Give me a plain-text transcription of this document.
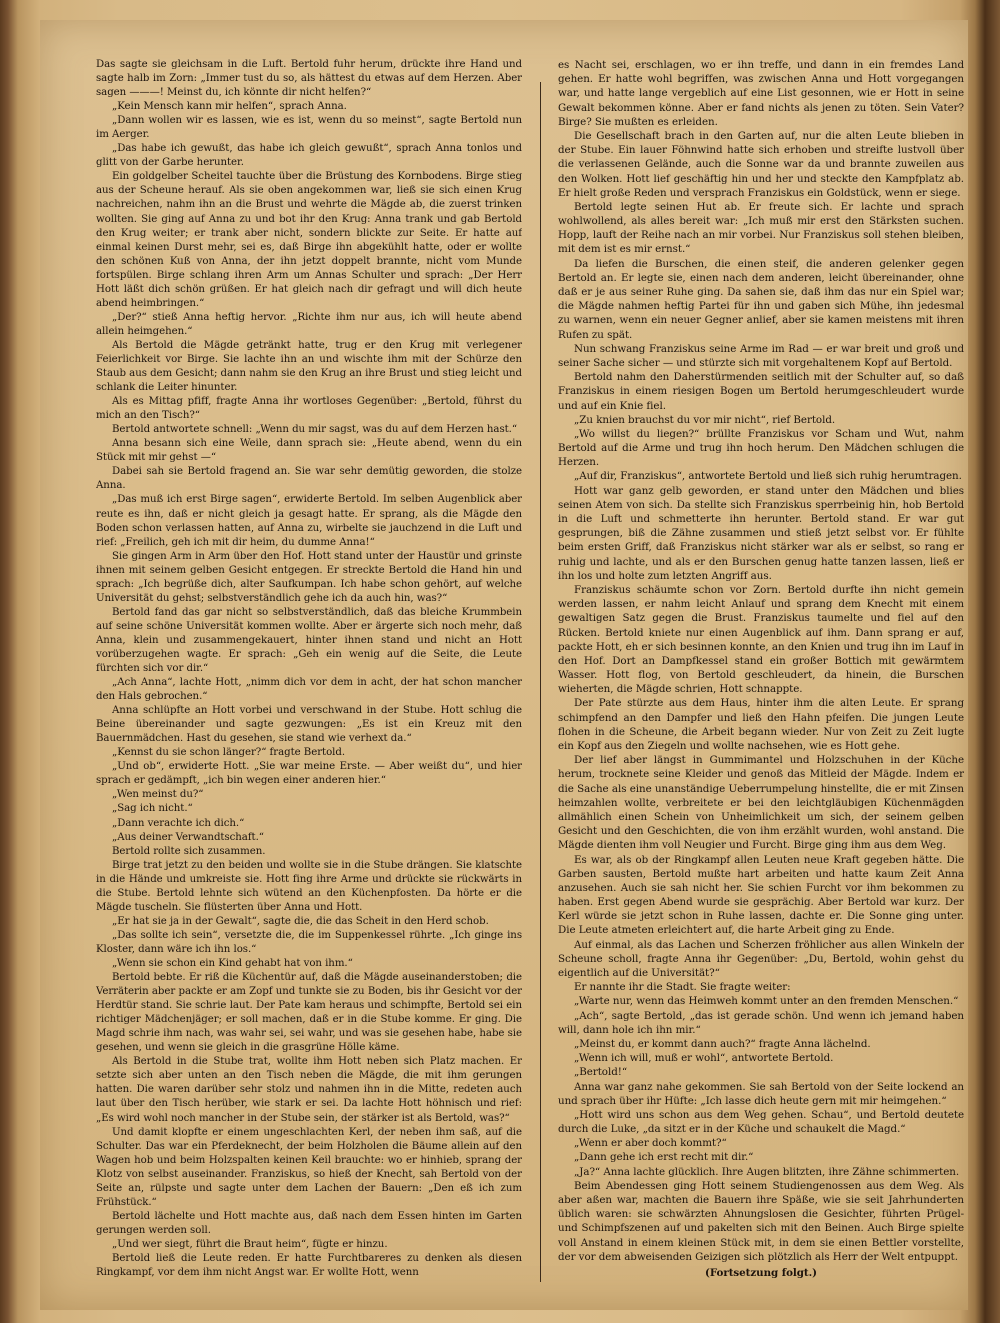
Das sagte sie gleichsam in die Luft. Bertold fuhr herum, drückte ihre Hand und sagte halb im Zorn: „Immer tust du so, als hättest du etwas auf dem Herzen. Aber sagen ———! Meinst du, ich könnte dir nicht helfen?“

„Kein Mensch kann mir helfen“, sprach Anna.

„Dann wollen wir es lassen, wie es ist, wenn du so meinst“, sagte Bertold nun im Aerger.

„Das habe ich gewußt, das habe ich gleich gewußt“, sprach Anna tonlos und glitt von der Garbe herunter.

Ein goldgelber Scheitel tauchte über die Brüstung des Kornbodens. Birge stieg aus der Scheune herauf. Als sie oben angekommen war, ließ sie sich einen Krug nachreichen, nahm ihn an die Brust und wehrte die Mägde ab, die zuerst trinken wollten. Sie ging auf Anna zu und bot ihr den Krug: Anna trank und gab Bertold den Krug weiter; er trank aber nicht, sondern blickte zur Seite. Er hatte auf einmal keinen Durst mehr, sei es, daß Birge ihn abgekühlt hatte, oder er wollte den schönen Kuß von Anna, der ihn jetzt doppelt brannte, nicht vom Munde fortspülen. Birge schlang ihren Arm um Annas Schulter und sprach: „Der Herr Hott läßt dich schön grüßen. Er hat gleich nach dir gefragt und will dich heute abend heimbringen.“

„Der?“ stieß Anna heftig hervor. „Richte ihm nur aus, ich will heute abend allein heimgehen.“

Als Bertold die Mägde getränkt hatte, trug er den Krug mit verlegener Feierlichkeit vor Birge. Sie lachte ihn an und wischte ihm mit der Schürze den Staub aus dem Gesicht; dann nahm sie den Krug an ihre Brust und stieg leicht und schlank die Leiter hinunter.

Als es Mittag pfiff, fragte Anna ihr wortloses Gegenüber: „Bertold, führst du mich an den Tisch?“

Bertold antwortete schnell: „Wenn du mir sagst, was du auf dem Herzen hast.“

Anna besann sich eine Weile, dann sprach sie: „Heute abend, wenn du ein Stück mit mir gehst —“

Dabei sah sie Bertold fragend an. Sie war sehr demütig geworden, die stolze Anna.

„Das muß ich erst Birge sagen“, erwiderte Bertold. Im selben Augenblick aber reute es ihn, daß er nicht gleich ja gesagt hatte. Er sprang, als die Mägde den Boden schon verlassen hatten, auf Anna zu, wirbelte sie jauchzend in die Luft und rief: „Freilich, geh ich mit dir heim, du dumme Anna!“

Sie gingen Arm in Arm über den Hof. Hott stand unter der Haustür und grinste ihnen mit seinem gelben Gesicht entgegen. Er streckte Bertold die Hand hin und sprach: „Ich begrüße dich, alter Saufkumpan. Ich habe schon gehört, auf welche Universität du gehst; selbstverständlich gehe ich da auch hin, was?“

Bertold fand das gar nicht so selbstverständlich, daß das bleiche Krummbein auf seine schöne Universität kommen wollte. Aber er ärgerte sich noch mehr, daß Anna, klein und zusammengekauert, hinter ihnen stand und nicht an Hott vorüberzugehen wagte. Er sprach: „Geh ein wenig auf die Seite, die Leute fürchten sich vor dir.“

„Ach Anna“, lachte Hott, „nimm dich vor dem in acht, der hat schon mancher den Hals gebrochen.“

Anna schlüpfte an Hott vorbei und verschwand in der Stube. Hott schlug die Beine übereinander und sagte gezwungen: „Es ist ein Kreuz mit den Bauernmädchen. Hast du gesehen, sie stand wie verhext da.“

„Kennst du sie schon länger?“ fragte Bertold.

„Und ob“, erwiderte Hott. „Sie war meine Erste. — Aber weißt du“, und hier sprach er gedämpft, „ich bin wegen einer anderen hier.“

„Wen meinst du?“

„Sag ich nicht.“

„Dann verachte ich dich.“

„Aus deiner Verwandtschaft.“

Bertold rollte sich zusammen.

Birge trat jetzt zu den beiden und wollte sie in die Stube drängen. Sie klatschte in die Hände und umkreiste sie. Hott fing ihre Arme und drückte sie rückwärts in die Stube. Bertold lehnte sich wütend an den Küchenpfosten. Da hörte er die Mägde tuscheln. Sie flüsterten über Anna und Hott.

„Er hat sie ja in der Gewalt“, sagte die, die das Scheit in den Herd schob.

„Das sollte ich sein“, versetzte die, die im Suppenkessel rührte. „Ich ginge ins Kloster, dann wäre ich ihn los.“

„Wenn sie schon ein Kind gehabt hat von ihm.“

Bertold bebte. Er riß die Küchentür auf, daß die Mägde auseinanderstoben; die Verräterin aber packte er am Zopf und tunkte sie zu Boden, bis ihr Gesicht vor der Herdtür stand. Sie schrie laut. Der Pate kam heraus und schimpfte, Bertold sei ein richtiger Mädchenjäger; er soll machen, daß er in die Stube komme. Er ging. Die Magd schrie ihm nach, was wahr sei, sei wahr, und was sie gesehen habe, habe sie gesehen, und wenn sie gleich in die grasgrüne Hölle käme.

Als Bertold in die Stube trat, wollte ihm Hott neben sich Platz machen. Er setzte sich aber unten an den Tisch neben die Mägde, die mit ihm gerungen hatten. Die waren darüber sehr stolz und nahmen ihn in die Mitte, redeten auch laut über den Tisch herüber, wie stark er sei. Da lachte Hott höhnisch und rief: „Es wird wohl noch mancher in der Stube sein, der stärker ist als Bertold, was?“

Und damit klopfte er einem ungeschlachten Kerl, der neben ihm saß, auf die Schulter. Das war ein Pferdeknecht, der beim Holzholen die Bäume allein auf den Wagen hob und beim Holzspalten keinen Keil brauchte: wo er hinhieb, sprang der Klotz von selbst auseinander. Franziskus, so hieß der Knecht, sah Bertold von der Seite an, rülpste und sagte unter dem Lachen der Bauern: „Den eß ich zum Frühstück.“

Bertold lächelte und Hott machte aus, daß nach dem Essen hinten im Garten gerungen werden soll.

„Und wer siegt, führt die Braut heim“, fügte er hinzu.

Bertold ließ die Leute reden. Er hatte Furchtbareres zu denken als diesen Ringkampf, vor dem ihm nicht Angst war. Er wollte Hott, wenn

es Nacht sei, erschlagen, wo er ihn treffe, und dann in ein fremdes Land gehen. Er hatte wohl begriffen, was zwischen Anna und Hott vorgegangen war, und hatte lange vergeblich auf eine List gesonnen, wie er Hott in seine Gewalt bekommen könne. Aber er fand nichts als jenen zu töten. Sein Vater? Birge? Sie mußten es erleiden.

Die Gesellschaft brach in den Garten auf, nur die alten Leute blieben in der Stube. Ein lauer Föhnwind hatte sich erhoben und streifte lustvoll über die verlassenen Gelände, auch die Sonne war da und brannte zuweilen aus den Wolken. Hott lief geschäftig hin und her und steckte den Kampfplatz ab. Er hielt große Reden und versprach Franziskus ein Goldstück, wenn er siege.

Bertold legte seinen Hut ab. Er freute sich. Er lachte und sprach wohlwollend, als alles bereit war: „Ich muß mir erst den Stärksten suchen. Hopp, lauft der Reihe nach an mir vorbei. Nur Franziskus soll stehen bleiben, mit dem ist es mir ernst.“

Da liefen die Burschen, die einen steif, die anderen gelenker gegen Bertold an. Er legte sie, einen nach dem anderen, leicht übereinander, ohne daß er je aus seiner Ruhe ging. Da sahen sie, daß ihm das nur ein Spiel war; die Mägde nahmen heftig Partei für ihn und gaben sich Mühe, ihn jedesmal zu warnen, wenn ein neuer Gegner anlief, aber sie kamen meistens mit ihren Rufen zu spät.

Nun schwang Franziskus seine Arme im Rad — er war breit und groß und seiner Sache sicher — und stürzte sich mit vorgehaltenem Kopf auf Bertold.

Bertold nahm den Daherstürmenden seitlich mit der Schulter auf, so daß Franziskus in einem riesigen Bogen um Bertold herumgeschleudert wurde und auf ein Knie fiel.

„Zu knien brauchst du vor mir nicht“, rief Bertold.

„Wo willst du liegen?“ brüllte Franziskus vor Scham und Wut, nahm Bertold auf die Arme und trug ihn hoch herum. Den Mädchen schlugen die Herzen.

„Auf dir, Franziskus“, antwortete Bertold und ließ sich ruhig herumtragen.

Hott war ganz gelb geworden, er stand unter den Mädchen und blies seinen Atem von sich. Da stellte sich Franziskus sperrbeinig hin, hob Bertold in die Luft und schmetterte ihn herunter. Bertold stand. Er war gut gesprungen, biß die Zähne zusammen und stieß jetzt selbst vor. Er fühlte beim ersten Griff, daß Franziskus nicht stärker war als er selbst, so rang er ruhig und lachte, und als er den Burschen genug hatte tanzen lassen, ließ er ihn los und holte zum letzten Angriff aus.

Franziskus schäumte schon vor Zorn. Bertold durfte ihn nicht gemein werden lassen, er nahm leicht Anlauf und sprang dem Knecht mit einem gewaltigen Satz gegen die Brust. Franziskus taumelte und fiel auf den Rücken. Bertold kniete nur einen Augenblick auf ihm. Dann sprang er auf, packte Hott, eh er sich besinnen konnte, an den Knien und trug ihn im Lauf in den Hof. Dort an Dampfkessel stand ein großer Bottich mit gewärmtem Wasser. Hott flog, von Bertold geschleudert, da hinein, die Burschen wieherten, die Mägde schrien, Hott schnappte.

Der Pate stürzte aus dem Haus, hinter ihm die alten Leute. Er sprang schimpfend an den Dampfer und ließ den Hahn pfeifen. Die jungen Leute flohen in die Scheune, die Arbeit begann wieder. Nur von Zeit zu Zeit lugte ein Kopf aus den Ziegeln und wollte nachsehen, wie es Hott gehe.

Der lief aber längst in Gummimantel und Holzschuhen in der Küche herum, trocknete seine Kleider und genoß das Mitleid der Mägde. Indem er die Sache als eine unanständige Ueberrumpelung hinstellte, die er mit Zinsen heimzahlen wollte, verbreitete er bei den leichtgläubigen Küchenmägden allmählich einen Schein von Unheimlichkeit um sich, der seinem gelben Gesicht und den Geschichten, die von ihm erzählt wurden, wohl anstand. Die Mägde dienten ihm voll Neugier und Furcht. Birge ging ihm aus dem Weg.

Es war, als ob der Ringkampf allen Leuten neue Kraft gegeben hätte. Die Garben sausten, Bertold mußte hart arbeiten und hatte kaum Zeit Anna anzusehen. Auch sie sah nicht her. Sie schien Furcht vor ihm bekommen zu haben. Erst gegen Abend wurde sie gesprächig. Aber Bertold war kurz. Der Kerl würde sie jetzt schon in Ruhe lassen, dachte er. Die Sonne ging unter. Die Leute atmeten erleichtert auf, die harte Arbeit ging zu Ende.

Auf einmal, als das Lachen und Scherzen fröhlicher aus allen Winkeln der Scheune scholl, fragte Anna ihr Gegenüber: „Du, Bertold, wohin gehst du eigentlich auf die Universität?“

Er nannte ihr die Stadt. Sie fragte weiter:

„Warte nur, wenn das Heimweh kommt unter an den fremden Menschen.“

„Ach“, sagte Bertold, „das ist gerade schön. Und wenn ich jemand haben will, dann hole ich ihn mir.“

„Meinst du, er kommt dann auch?“ fragte Anna lächelnd.

„Wenn ich will, muß er wohl“, antwortete Bertold.

„Bertold!“

Anna war ganz nahe gekommen. Sie sah Bertold von der Seite lockend an und sprach über ihr Hüfte: „Ich lasse dich heute gern mit mir heimgehen.“

„Hott wird uns schon aus dem Weg gehen. Schau“, und Bertold deutete durch die Luke, „da sitzt er in der Küche und schaukelt die Magd.“

„Wenn er aber doch kommt?“

„Dann gehe ich erst recht mit dir.“

„Ja?“ Anna lachte glücklich. Ihre Augen blitzten, ihre Zähne schimmerten.

Beim Abendessen ging Hott seinem Studiengenossen aus dem Weg. Als aber aßen war, machten die Bauern ihre Späße, wie sie seit Jahrhunderten üblich waren: sie schwärzten Ahnungslosen die Gesichter, führten Prügel- und Schimpfszenen auf und pakelten sich mit den Beinen. Auch Birge spielte voll Anstand in einem kleinen Stück mit, in dem sie einen Bettler vorstellte, der vor dem abweisenden Geizigen sich plötzlich als Herr der Welt entpuppt.

(Fortsetzung folgt.)
